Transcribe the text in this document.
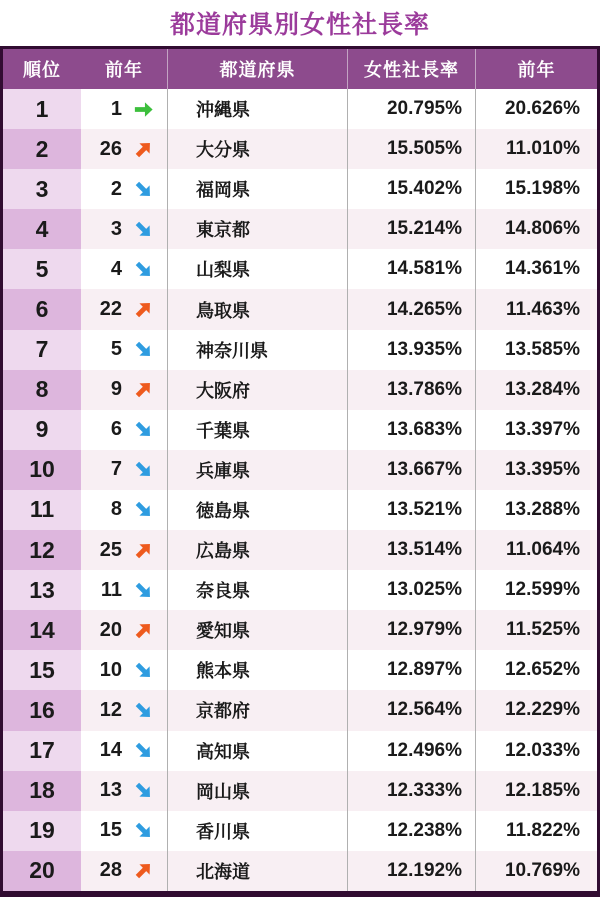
都道府県別女性社長率
順位	前年	都道府県	女性社長率	前年
1	1	沖縄県	20.795%	20.626%
2	26	大分県	15.505%	11.010%
3	2	福岡県	15.402%	15.198%
4	3	東京都	15.214%	14.806%
5	4	山梨県	14.581%	14.361%
6	22	鳥取県	14.265%	11.463%
7	5	神奈川県	13.935%	13.585%
8	9	大阪府	13.786%	13.284%
9	6	千葉県	13.683%	13.397%
10	7	兵庫県	13.667%	13.395%
11	8	徳島県	13.521%	13.288%
12	25	広島県	13.514%	11.064%
13	11	奈良県	13.025%	12.599%
14	20	愛知県	12.979%	11.525%
15	10	熊本県	12.897%	12.652%
16	12	京都府	12.564%	12.229%
17	14	高知県	12.496%	12.033%
18	13	岡山県	12.333%	12.185%
19	15	香川県	12.238%	11.822%
20	28	北海道	12.192%	10.769%
